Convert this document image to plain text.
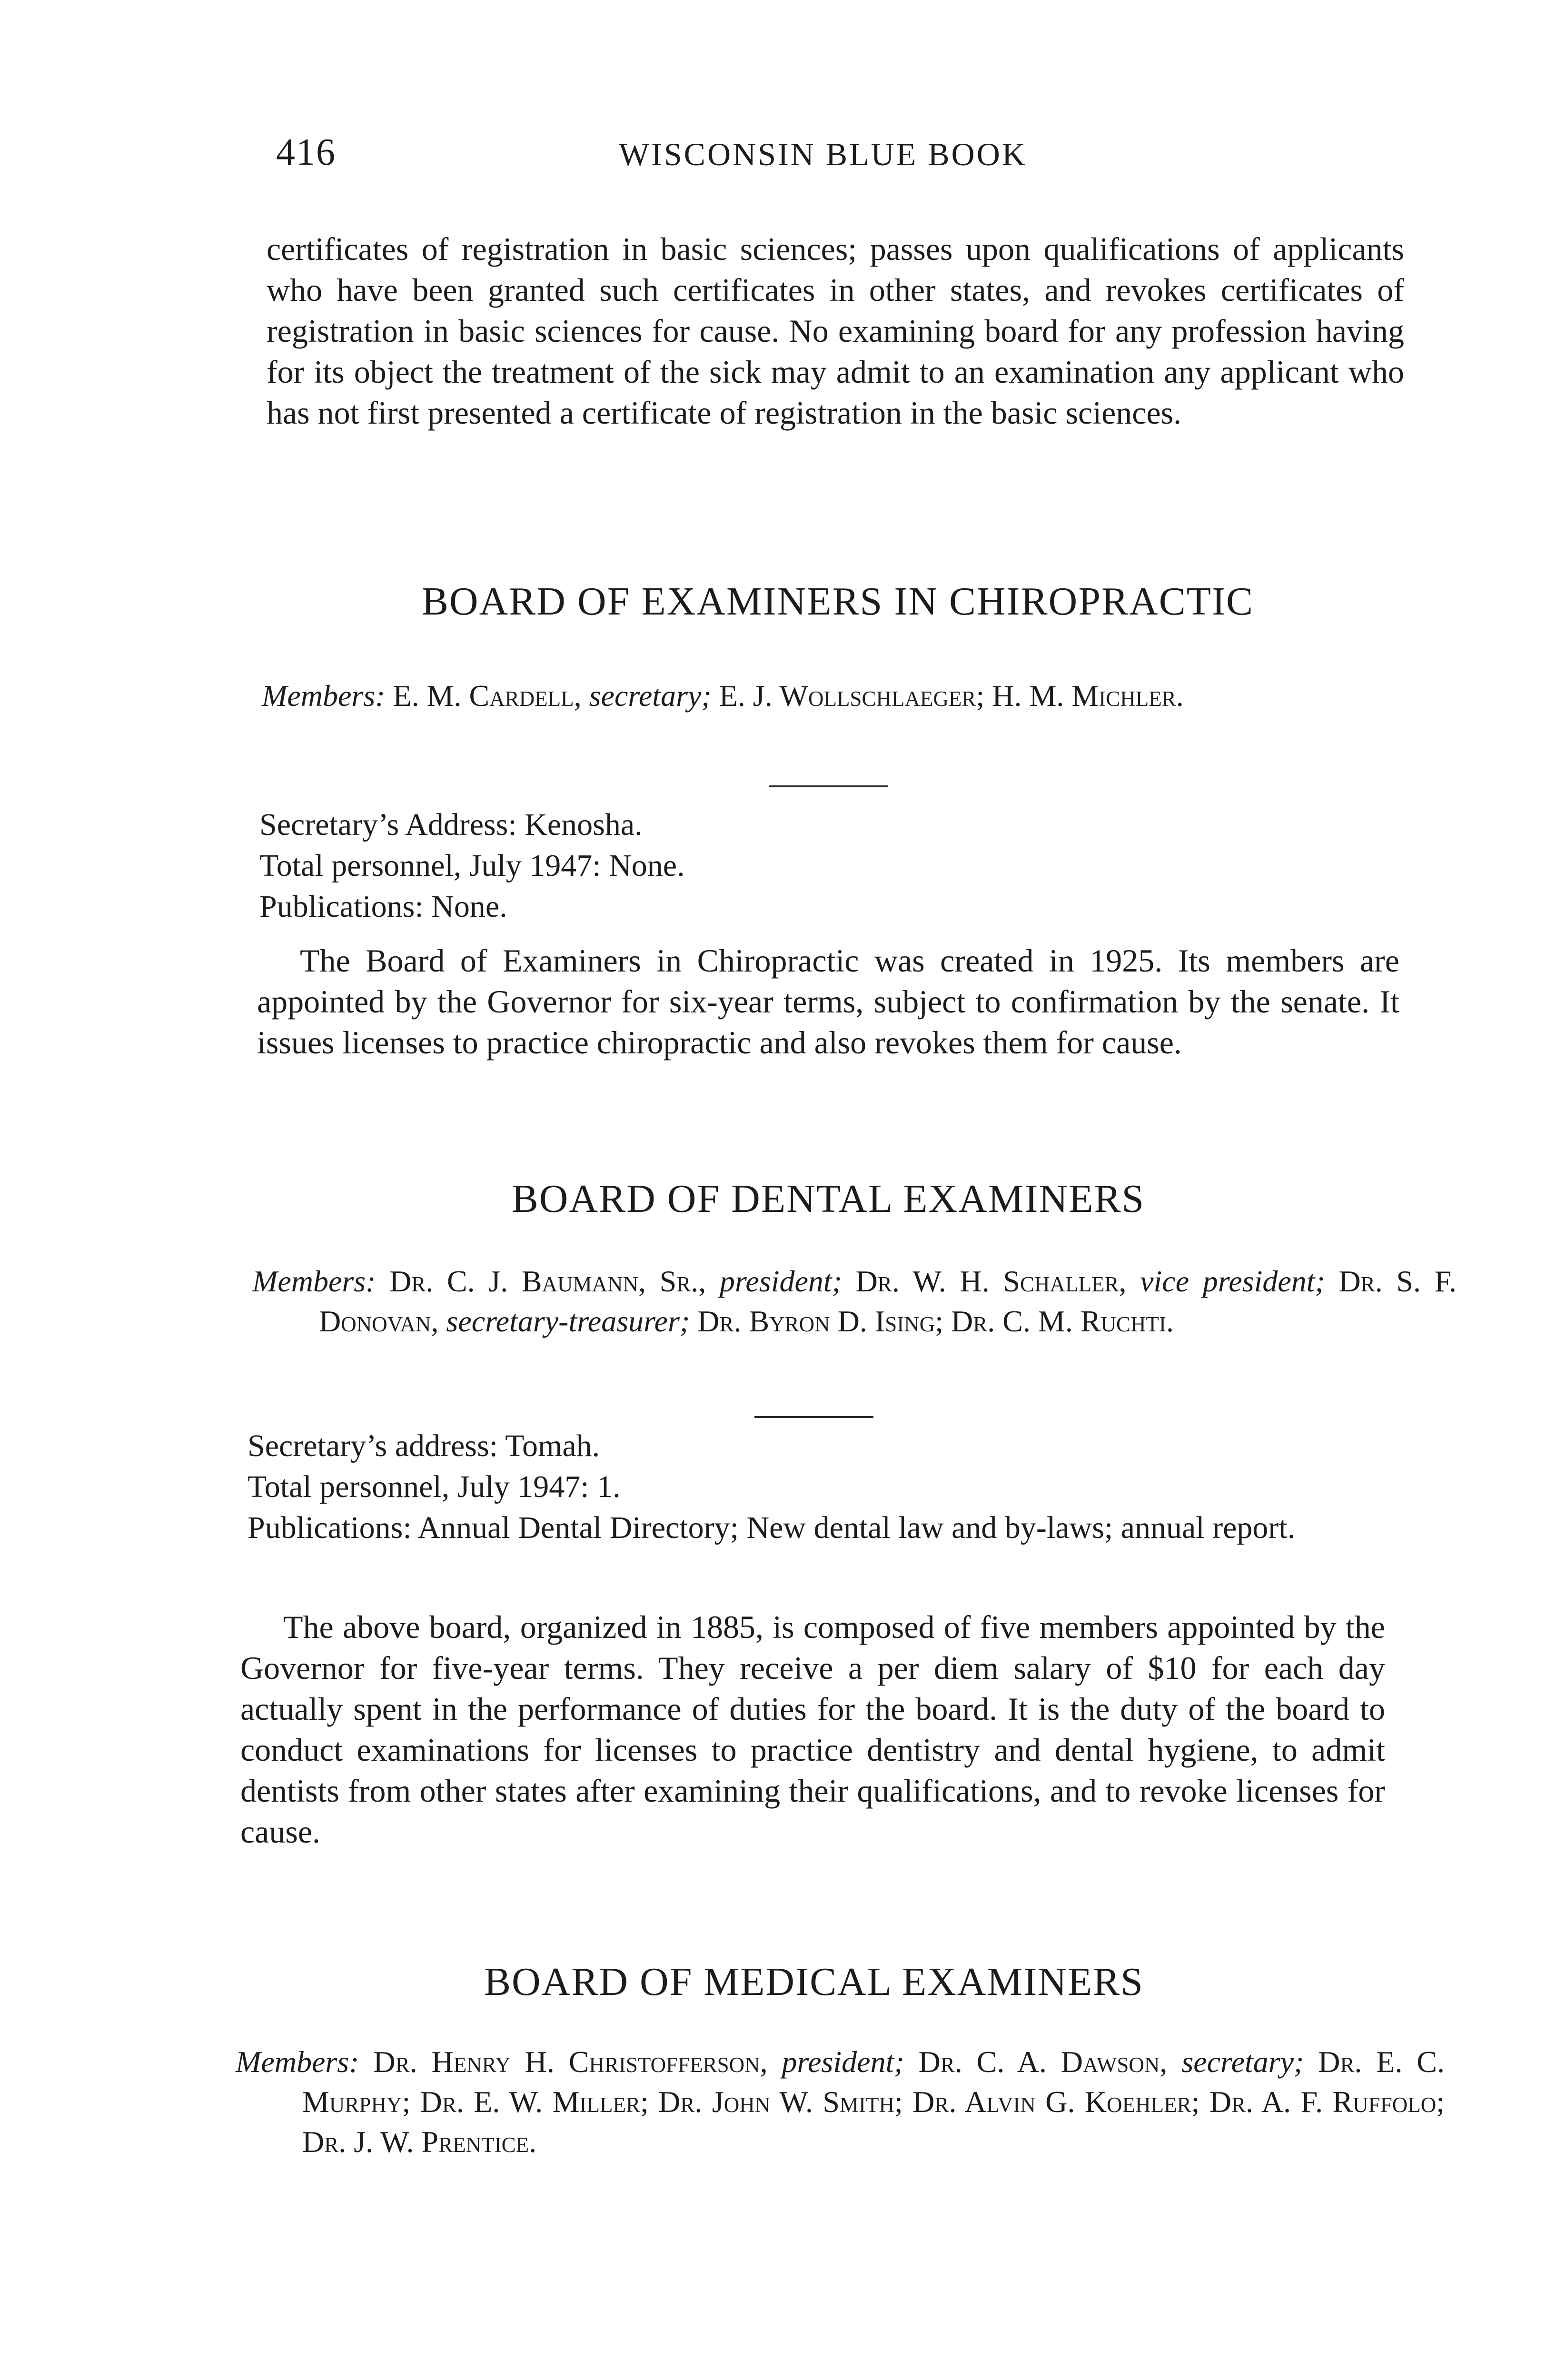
416	WISCONSIN BLUE BOOK

certificates of registration in basic sciences; passes upon qualifications of applicants who have been granted such certificates in other states, and revokes certificates of registration in basic sciences for cause. No examining board for any profession having for its object the treatment of the sick may admit to an examination any applicant who has not first presented a certificate of registration in the basic sciences.

BOARD OF EXAMINERS IN CHIROPRACTIC

Members: E. M. Cardell, secretary; E. J. Wollschlaeger; H. M. Michler.

Secretary’s Address: Kenosha.
Total personnel, July 1947: None.
Publications: None.

The Board of Examiners in Chiropractic was created in 1925. Its members are appointed by the Governor for six-year terms, subject to confirmation by the senate. It issues licenses to practice chiropractic and also revokes them for cause.

BOARD OF DENTAL EXAMINERS

Members: Dr. C. J. Baumann, Sr., president; Dr. W. H. Schaller, vice president; Dr. S. F. Donovan, secretary-treasurer; Dr. Byron D. Ising; Dr. C. M. Ruchti.

Secretary’s address: Tomah.
Total personnel, July 1947: 1.
Publications: Annual Dental Directory; New dental law and by-laws; annual report.

The above board, organized in 1885, is composed of five members appointed by the Governor for five-year terms. They receive a per diem salary of $10 for each day actually spent in the performance of duties for the board. It is the duty of the board to conduct examinations for licenses to practice dentistry and dental hygiene, to admit dentists from other states after examining their qualifications, and to revoke licenses for cause.

BOARD OF MEDICAL EXAMINERS

Members: Dr. Henry H. Christofferson, president; Dr. C. A. Dawson, secretary; Dr. E. C. Murphy; Dr. E. W. Miller; Dr. John W. Smith; Dr. Alvin G. Koehler; Dr. A. F. Ruffolo; Dr. J. W. Prentice.
